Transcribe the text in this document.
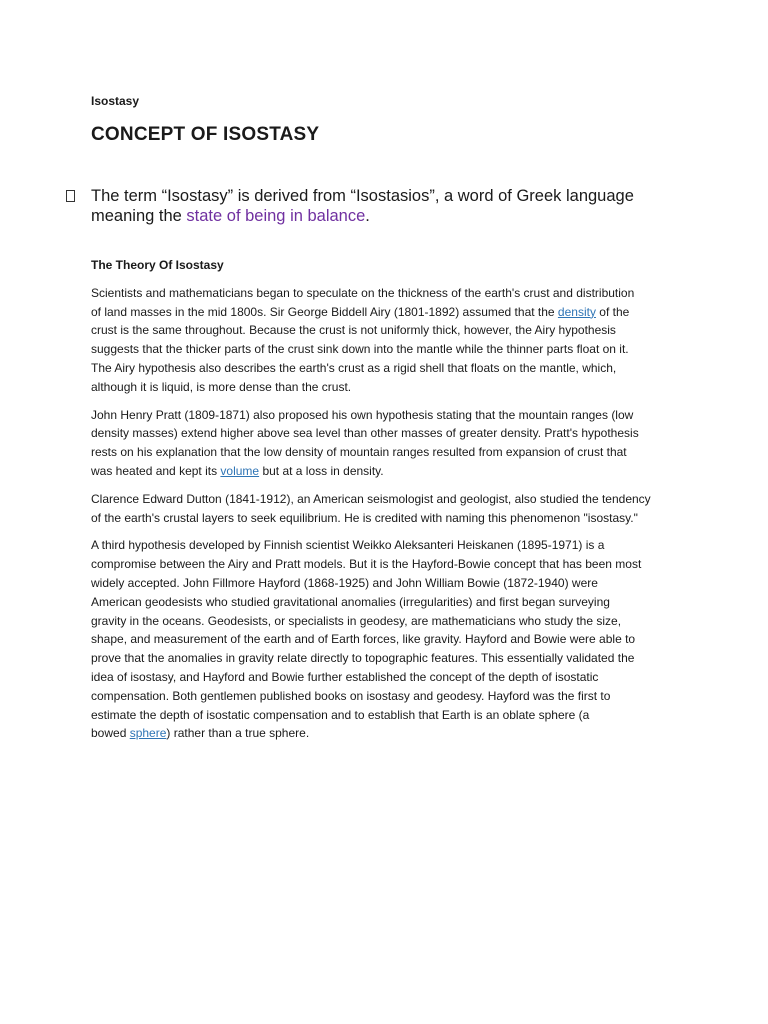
Isostasy
CONCEPT OF ISOSTASY
The term “Isostasy” is derived from “Isostasios”, a word of Greek language
meaning the state of being in balance.
The Theory Of Isostasy
Scientists and mathematicians began to speculate on the thickness of the earth's crust and distribution
of land masses in the mid 1800s. Sir George Biddell Airy (1801-1892) assumed that the density of the
crust is the same throughout. Because the crust is not uniformly thick, however, the Airy hypothesis
suggests that the thicker parts of the crust sink down into the mantle while the thinner parts float on it.
The Airy hypothesis also describes the earth's crust as a rigid shell that floats on the mantle, which,
although it is liquid, is more dense than the crust.
John Henry Pratt (1809-1871) also proposed his own hypothesis stating that the mountain ranges (low
density masses) extend higher above sea level than other masses of greater density. Pratt's hypothesis
rests on his explanation that the low density of mountain ranges resulted from expansion of crust that
was heated and kept its volume but at a loss in density.
Clarence Edward Dutton (1841-1912), an American seismologist and geologist, also studied the tendency
of the earth's crustal layers to seek equilibrium. He is credited with naming this phenomenon "isostasy."
A third hypothesis developed by Finnish scientist Weikko Aleksanteri Heiskanen (1895-1971) is a
compromise between the Airy and Pratt models. But it is the Hayford-Bowie concept that has been most
widely accepted. John Fillmore Hayford (1868-1925) and John William Bowie (1872-1940) were
American geodesists who studied gravitational anomalies (irregularities) and first began surveying
gravity in the oceans. Geodesists, or specialists in geodesy, are mathematicians who study the size,
shape, and measurement of the earth and of Earth forces, like gravity. Hayford and Bowie were able to
prove that the anomalies in gravity relate directly to topographic features. This essentially validated the
idea of isostasy, and Hayford and Bowie further established the concept of the depth of isostatic
compensation. Both gentlemen published books on isostasy and geodesy. Hayford was the first to
estimate the depth of isostatic compensation and to establish that Earth is an oblate sphere (a
bowed sphere) rather than a true sphere.
